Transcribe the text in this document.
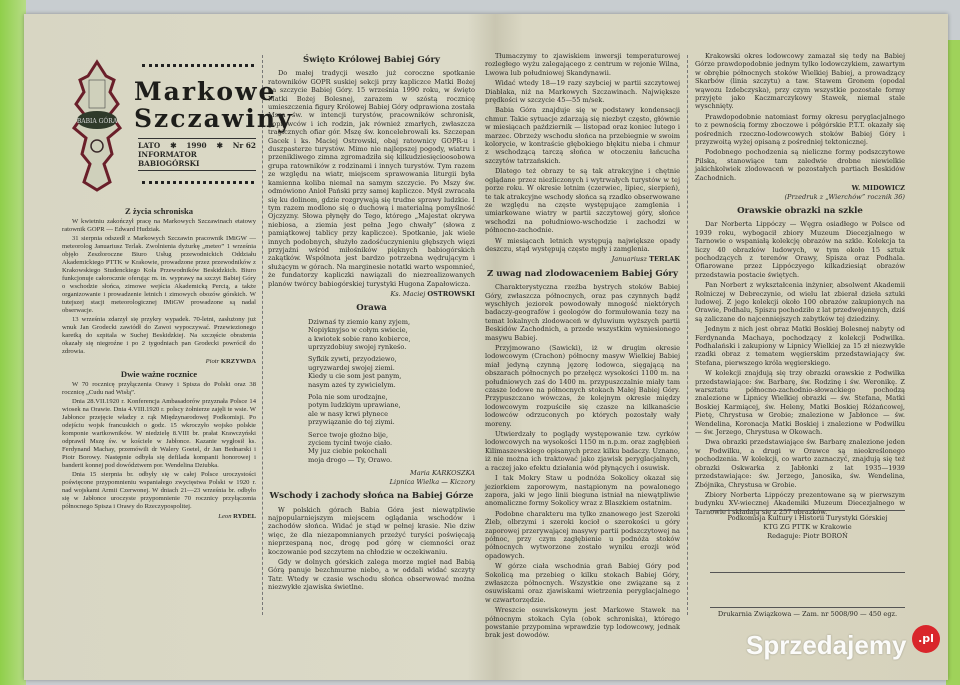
BABIA GÓRA
Markowe
Szczawiny
LATO ✱ 1990 ✱ Nr 62
INFORMATOR BABIOGÓRSKI
Z życia schroniska

W kwietniu zakończył pracę na Markowych Szczawinach etatowy ratownik GOPR — Edward Hudziak.

31 sierpnia odszedł z Markowych Szczawin pracownik IMiGW — meteorolog Januariusz Terlak. Zwolnienia dyżurkę „meteo” 1 września objęło Zeszłoroczne Biuro Usług przewodnickich Oddziału Akademickiego PTTK w Krakowie, prowadzone przez przewodników z Krakowskiego Studenckiego Koła Przewodników Beskidzkich. Biuro funkcjonuje całorocznie oferując m. in. wyprawy na szczyt Babiej Góry o wschodzie słońca, zimowe wejścia Akademicką Percią, a także organizowanie i prowadzenie letnich i zimowych obozów górskich. W tutejszej stacji meteorologicznej IMiGW prowadzone są nadal obserwacje.

13 września zdarzył się przykry wypadek. 70-letni, zasłużony już wnuk Jan Grodecki zawiódł do Zawoi wypoczywać. Przewiezionego karetką do szpitala w Suchej Beskidzkiej. Na szczęście obrażenia okazały się niegroźne i po 2 tygodniach pan Grodecki powrócił do zdrowia.

Piotr KRZYWDA
Dwie ważne rocznice

W 70 rocznicę przyłączenia Orawy i Spisza do Polski oraz 38 rocznicę „Cudu nad Wisłą”.

Dnia 28.VII.1920 r. Konferencja Ambasadorów przyznała Polsce 14 wiosek na Orawie. Dnia 4.VIII.1920 r. polscy żołnierze zajęli te wsie. W Jabłonce przejęcie władzy z rąk Międzynarodowej Podkomisji. Po odejściu wojsk francuskich o godz. 15 wkroczyło wojsko polskie komponie wartkowników. W niedzielę 8.VIII br. prałat Krawczyński odprawił Mszę św. w kościele w Jabłonce. Kazanie wygłosił ks. Ferdynand Machay, przemówili dr Walery Goetel, dr Jan Bednarski i Piotr Borowy. Następnie odbyła się defilada kompanii honorowej i banderii konnej pod dowództwem por. Wendelina Dziubka.

Dnia 15 sierpnia br. odbyły się w całej Polsce uroczystości poświęcone przypomnieniu wspaniałego zwycięstwa Polski w 1920 r. nad wojskami Armii Czerwonej. W dniach 21—23 września br. odbyło się w Jabłonce uroczyste przypomnienie 70 rocznicy przyłączenia północnego Spisza i Orawy do Rzeczypospolitej.

Leon RYDEL
Święto Królowej Babiej Góry

Do małej tradycji weszło już coroczne spotkanie ratowników GOPR suskiej sekcji przy kapliczce Matki Bożej na szczycie Babiej Góry. 15 września 1990 roku, w święto Matki Bożej Bolesnej, zarazem w szóstą rocznicę umieszczenia figury Królowej Babiej Góry odprawiona została Msza św. w intencji turystów, pracowników schronisk, goprowców i ich rodzin, jak również zmarłych, zwłaszcza tragicznych ofiar gór. Mszę św. koncelebrowali ks. Szczepan Gacek i ks. Maciej Ostrowski, obaj ratownicy GOPR-u i duszpasterze turystów. Mimo nie najlepszej pogody, wiatru i przenikliwego zimna zgromadziła się kilkudziesięcioosobowa grupa ratowników z rodzinami i innych turystów. Tym razem ze względu na wiatr, miejscem sprawowania liturgii była kamienna koliba niemal na samym szczycie. Po Mszy św. odmówiono Anioł Pański przy samej kapliczce. Myśl zwracała się ku dolinom, gdzie rozgrywają się trudne sprawy ludzkie. I tym razem modlono się o duchową i materialną pomyślność Ojczyzny. Słowa płynęły do Tego, którego „Majestat okrywa niebiosa, a ziemia jest pełna Jego chwały” (słowa z pamiątkowej tablicy przy kapliczce). Spotkanie, jak wiele innych podobnych, służyło zadośćuczynieniu głębszych więzi przyjaźni wśród miłośników pięknych babiogórskich zakątków. Wspólnota jest bardzo potrzebna wędrującym i służącym w górach. Na marginesie notatki warto wspomnieć, że fundatorzy kapliczki nawiązali do niezrealizowanych planów twórcy babiogórskiej turystyki Hugona Zapałowicza.

Ks. Maciej OSTROWSKI
Orawa
Dziwnaś ty ziemio kany zyjem,
Nopiyknyjso w cołym swiecie,
a kwiotek sobie rano kobierce,
uprzyzdobiuy swojej rynkeśo.
Syfkik zywti, przyodziewo,
ugryzwardej swojej ziemi.
Kiedy u cie som jest panym,
nasym aześ ty zywicielym.
Pola nie som urodzajne,
potym ludzkiym uprawiane,
ale w nasy krwi płynece
przywiązanie do tej ziymi.
Serce twoje głoźno bije,
zyciem tycinł twoje ciało.
My juz ciebie pokochali
moja drogo — Ty, Orawo.
Maria KARKOSZKA
Lipnica Wielka — Kiczory
Wschody i zachody słońca na Babiej Górze

W polskich górach Babia Góra jest niewątpliwie najpopularniejszym miejscem oglądania wschodów i zachodów słońca. Widać je stąd w pełnej krasie. Nie dziw więc, że dla niezapomnianych przeżyć turyści poświęcają nieprzespaną noc, drogę pod górę w ciemności oraz koczowanie pod szczytem na chłodzie w oczekiwaniu.

Gdy w dolnych górskich zalega morze mgieł nad Babią Górą panuje bezchmurne niebo, a w oddali widać szczyty Tatr. Wtedy w czasie wschodu słońca obserwować można niezwykłe zjawiska świetlne.

Tłumaczymy to zjawiskiem inwersji temperaturowej rozległego wyżu zalegającego z centrum w rejonie Wilna, Lwowa lub południowej Skandynawii.

Widać wtedy 18—19 razy szybciej w partii szczytowej Diablaka, niż na Markowych Szczawinach. Największe prędkości w szczycie 45—55 m/sek.

Babia Góra znajduje się w podstawy kondensacji chmur. Takie sytuacje zdarzają się niezbyt często, głównie w miesiącach październik — listopad oraz koniec lutego i marzec. Obrzeży wschodu słońca na przebiegnie w swoim kolorycie, w kontraście głębokiego błękitu nieba i chmur z wschodzącą tarczą słońca w otoczeniu łańcucha szczytów tatrzańskich.

Dlatego też obrazy te są tak atrakcyjne i chętnie oglądane przez niezliczonych i wytrwałych turystów w tej porze roku. W okresie letnim (czerwiec, lipiec, sierpień), te tak atrakcyjne wschody słońca są rzadko obserwowane ze względu na częste występujące zamglenia i umiarkowane wiatry w partii szczytowej góry, słońce wschodzi na południowo-wschodzie i zachodzi w północno-zachodnie.

W miesiącach letnich występują największe opady deszczu, stąd występują częste mgły i zamglenia.

Januariusz TERLAK
Z uwag nad zlodowaceniem Babiej Góry

Charakterystyczna rzeźba bystrych stoków Babiej Góry, zwłaszcza północnych, oraz pas czynnych bądź wyschłych jeziorek powodowały mnogość niektórych badaczy-geografów i geologów do formułowania tezy na temat lokalnych zlodowaceń w dyluwium wyższych partii Beskidów Zachodnich, a przede wszystkim wyniesionego masywu Babiej.

Przyjmowano (Sawicki), iż w drugim okresie lodowcowym (Crachon) północny masyw Wielkiej Babiej miał jedyną czynną jęzorę lodowca, sięgającą na obszarach północnych po przełęcz wysokości 1100 m. na południowych zaś do 1400 m. przypuszczalnie miały tam czasze lodowe na północnych stokach Małej Babiej Góry. Przypuszczano wówczas, że kolejnym okresie między lodowcowym rozpuściłe się czasze na kilkanaście lodowców odrzuconych po których pozostały wały moreny.

Utwierdzały to poglądy występowanie tzw. cyrków lodowcowych na wysokości 1150 m n.p.m. oraz zagłębień Kilimaszewskiego opisanych przez kilku badaczy. Uznano, iż nie można ich traktować jako zjawisk peryglacjalnych, a raczej jako efektu działania wód płynących i osuwisk.

I tak Mokry Staw u podnóża Sokolicy okazał się jeziorkiem zaporowym, nastąpionym na powalonego zapora, jaki w jego linii bieguna istniał na niewątpliwie anomaliczne formy Sokolicy wraz z Blaszkiem ostatnim.

Podobne charakteru ma tylko znanowego jest Szeroki Żleb, olbrzymi i szeroki kocioł o szerokości u góry zaporowej przerywającej masywy partii podszczytowej na północ, przy czym zagłębienie u podnóża stoków północnych wytworzone zostało wyniku erozji wód opadowych.

W górze ciała wschodnia grań Babiej Góry pod Sokolicą ma przebieg o kilku stokach Babiej Góry, zwłaszcza północnych. Wszystkie one związane są z osuwiskami oraz zjawiskami wietrzenia peryglacjalnego w czwartorzędzie.

Wreszcie osuwiskowym jest Markowe Stawek na północnym stokach Cyla (obok schroniska), którego powstanie przypomina wprawdzie typ lodowcowy, jednak brak jest dowodów.

Krakowski okres lodowcowy zamazał się tedy na Babiej Górze prawdopodobnie jednym tylko lodowczykiem, zawartym w obrębie północnych stoków Wielkiej Babiej, a prowadzący Skarbów (linia szczytu) a taw. Stawem Gronem (opodal wąwozu Izdebczyska), przy czym wszystkie pozostałe formy przyjęte jako Kaczmarczykowy Stawek, niemal stale wyschnięty.

Prawdopodobnie natomiast formy okresu peryglacjalnego to z pewnością formy zboczowe i półgórskie P.T.T. okazały się pośrednich rzeczno-lodowcowych stoków Babiej Góry i przyzwoitą wyżej opisaną z pośredniej tektonicznej.

Podobnego pochodzenia są nieliczne formy podszczytowe Pilska, stanowiące tam zaledwie drobne niewielkie jakichkolwiek zlodowaceń w pozostałych partiach Beskidów Zachodnich.

W. MIDOWICZ
(Przedruk z „Wierchów” rocznik 36)
Orawskie obrazki na szkle

Dar Norberta Lippóczy — Węgra osiadłego w Polsce od 1939 roku, wybogacił zbiory Muzeum Diecezjalnego w Tarnowie o wspaniałą kolekcję obrazów na szkle. Kolekcja ta liczy 40 obrazków ludowych, w tym około 15 sztuk pochodzących z terenów Orawy, Spisza oraz Podhala. Ofiarowane przez Lippóczyego kilkadziesiąt obrazów przedstawia postacie świętych.

Pan Norbert z wykształcenia inżynier, absolwent Akademii Rolniczej w Debreczynie, od wielu lat zbierał dzieła sztuki ludowej. Z jego kolekcji około 100 obrazów zakupionych na Orawie, Podhalu, Spiszu pochodziło z lat przedwojennych, dziś są zaliczane do najcenniejszych zabytków tej dziedziny.

Jednym z nich jest obraz Matki Boskiej Bolesnej nabyty od Ferdynanda Machaya, pochodzący z kolekcji Podwilka. Podhalański i zakupiony w Lipnicy Wielkiej za 15 zł niezwykle rzadki obraz z tematem węgierskim przedstawiający św. Stefana, pierwszego króla węgierskiego.

W kolekcji znajdują się trzy obrazki orawskie z Podwilka przedstawiające: św. Barbarę, św. Rodzinę i św. Weronikę. Z warsztatu północno-zachodnio-słowackiego pochodzą znalezione w Lipnicy Wielkiej obrazki — św. Stefana, Matki Boskiej Karmiącej, św. Heleny, Matki Boskiej Różańcowej, Pietę, Chrystusa w Grobie; znalezione w Jabłonce — św. Wendelina, Koronacja Matki Boskiej i znalezione w Podwilku — św. Jerzego, Chrystusa w Okowach.

Dwa obrazki przedstawiające św. Barbarę znalezione jeden w Podwilku, a drugi w Orawce są nieokreślonego pochodzenia. W kolekcji, co warto zaznaczyć, znajdują się też obrazki Oskwarka z Jabłonki z lat 1935—1939 przedstawiające: św. Jerzego, Janosika, św. Wendelina, Zbójnika, Chrystusa w Grobie.

Zbiory Norberta Lippóczy prezentowane są w pierwszym budynku XV-wiecznej Akademiki Muzeum Diecezjalnego w Tarnowie i składają się z 257 obrazków.

Podkomisja Kultury i Historii Turystyki Górskiej
KTG ZG PTTK w Krakowie
Redaguje: Piotr BOROŃ
Drukarnia Związkowa — Zam. nr 5008/90 — 450 egz.
Sprzedajemy	.pl
